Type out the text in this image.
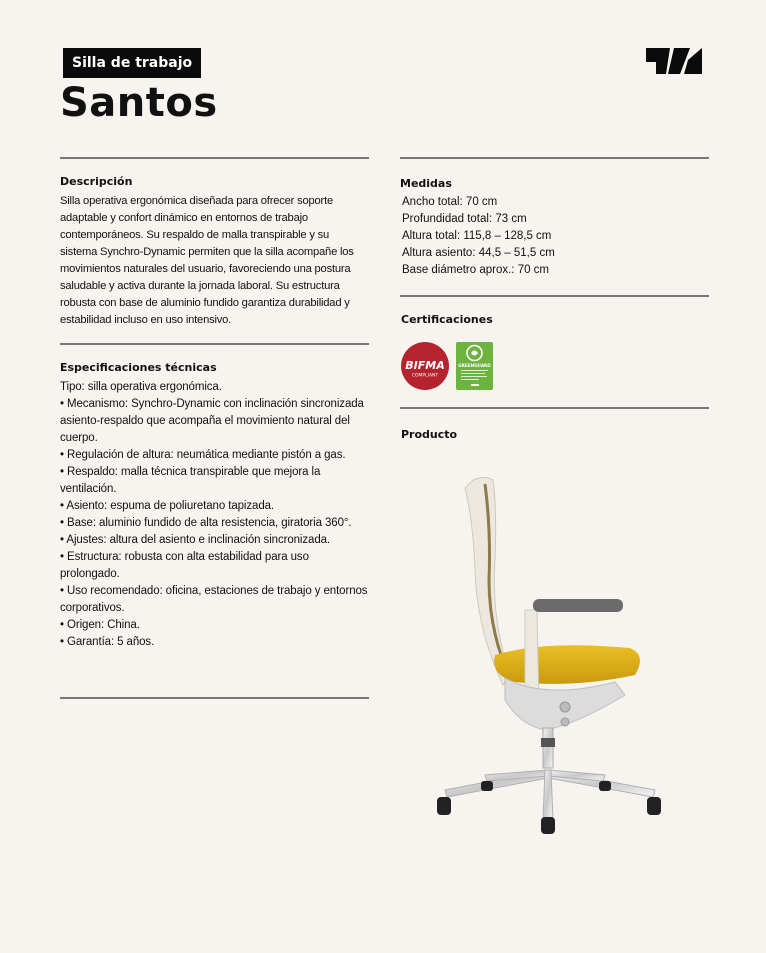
Silla de trabajo
Santos
Descripción
Silla operativa ergonómica diseñada para ofrecer soporte adaptable y confort dinámico en entornos de trabajo contemporáneos. Su respaldo de malla transpirable y su sistema Synchro-Dynamic permiten que la silla acompañe los movimientos naturales del usuario, favoreciendo una postura saludable y activa durante la jornada laboral. Su estructura robusta con base de aluminio fundido garantiza durabilidad y estabilidad incluso en uso intensivo.
Especificaciones técnicas
Tipo: silla operativa ergonómica.
• Mecanismo: Synchro-Dynamic con inclinación sincronizada asiento-respaldo que acompaña el movimiento natural del cuerpo.
• Regulación de altura: neumática mediante pistón a gas.
• Respaldo: malla técnica transpirable que mejora la ventilación.
• Asiento: espuma de poliuretano tapizada.
• Base: aluminio fundido de alta resistencia, giratoria 360°.
• Ajustes: altura del asiento e inclinación sincronizada.
• Estructura: robusta con alta estabilidad para uso prolongado.
• Uso recomendado: oficina, estaciones de trabajo y entornos corporativos.
• Origen: China.
• Garantía: 5 años.
Medidas
Ancho total: 70 cm
Profundidad total: 73 cm
Altura total: 115,8 – 128,5 cm
Altura asiento: 44,5 – 51,5 cm
Base diámetro aprox.: 70 cm
Certificaciones
BIFMA
COMPLIANT
GREENGUARD
Producto
